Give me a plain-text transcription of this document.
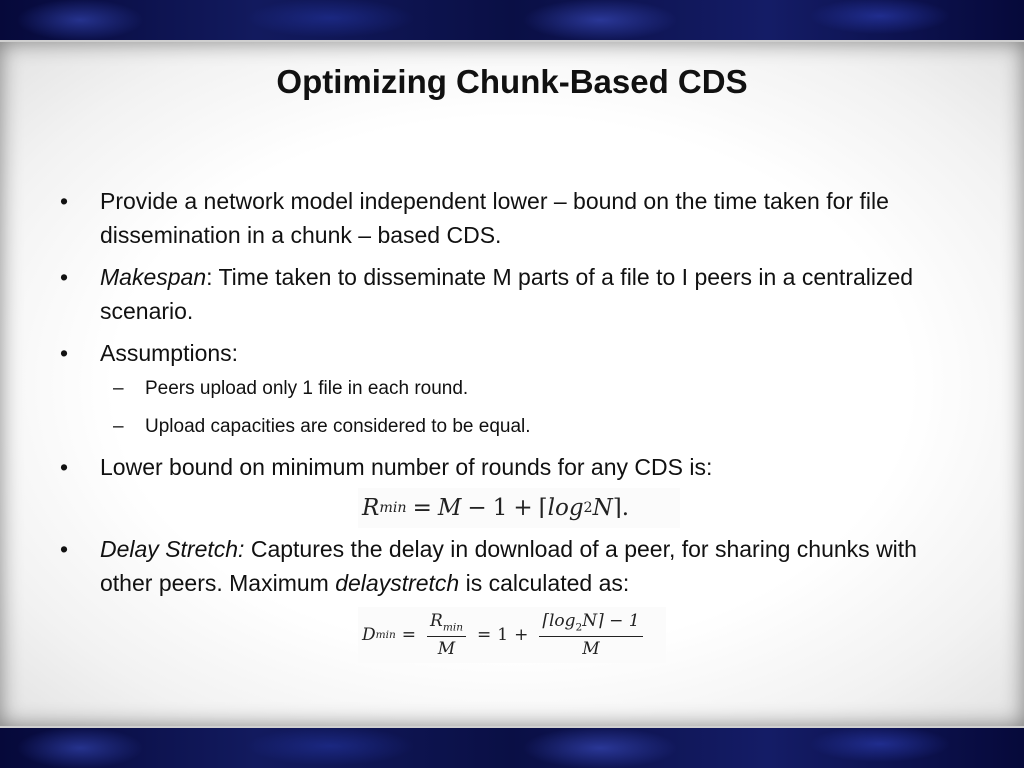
Optimizing Chunk-Based CDS
• Provide a network model independent lower – bound on the time taken for file dissemination in a chunk – based CDS.
• Makespan: Time taken to disseminate M parts of a file to I peers in a centralized scenario.
• Assumptions:
– Peers upload only 1 file in each round.
– Upload capacities are considered to be equal.
• Lower bound on minimum number of rounds for any CDS is:
R min = M − 1 + ⌈ log 2 N ⌉ .
• Delay Stretch: Captures the delay in download of a peer, for sharing chunks with other peers. Maximum delaystretch is calculated as:
D $\min = \frac{R_{min}}{M} = 1 + \frac{⌈\log_2N⌉ - 1}{M}$
